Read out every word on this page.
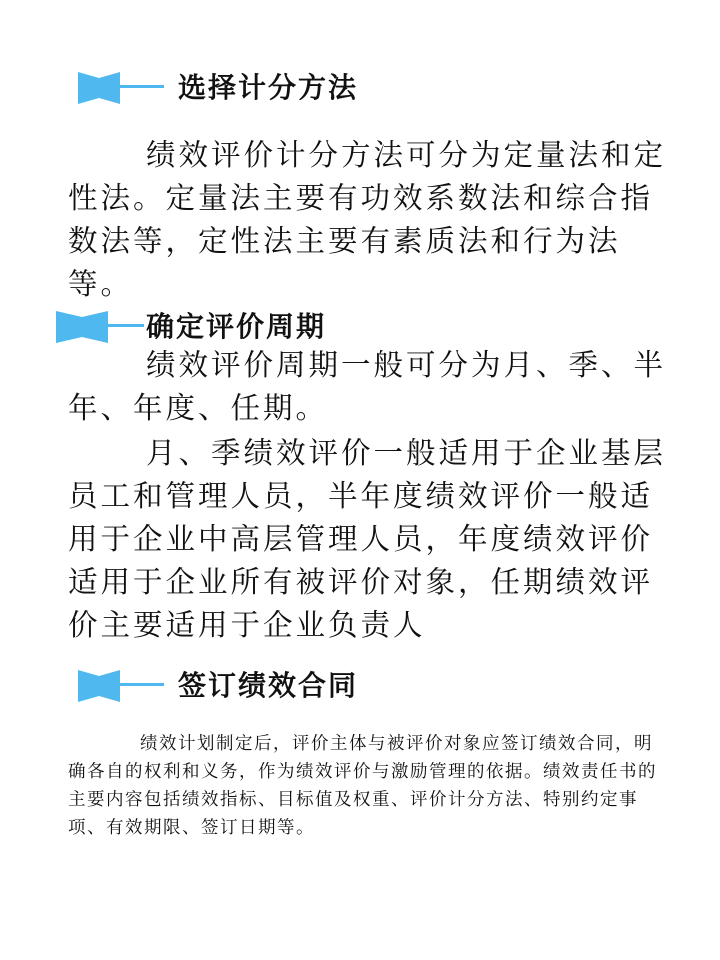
选择计分方法

绩效评价计分方法可分为定量法和定性法。定量法主要有功效系数法和综合指数法等，定性法主要有素质法和行为法等。

确定评价周期

绩效评价周期一般可分为月、季、半年、年度、任期。

月、季绩效评价一般适用于企业基层员工和管理人员，半年度绩效评价一般适用于企业中高层管理人员，年度绩效评价适用于企业所有被评价对象，任期绩效评价主要适用于企业负责人

签订绩效合同

绩效计划制定后，评价主体与被评价对象应签订绩效合同，明确各自的权利和义务，作为绩效评价与激励管理的依据。绩效责任书的主要内容包括绩效指标、目标值及权重、评价计分方法、特别约定事项、有效期限、签订日期等。
